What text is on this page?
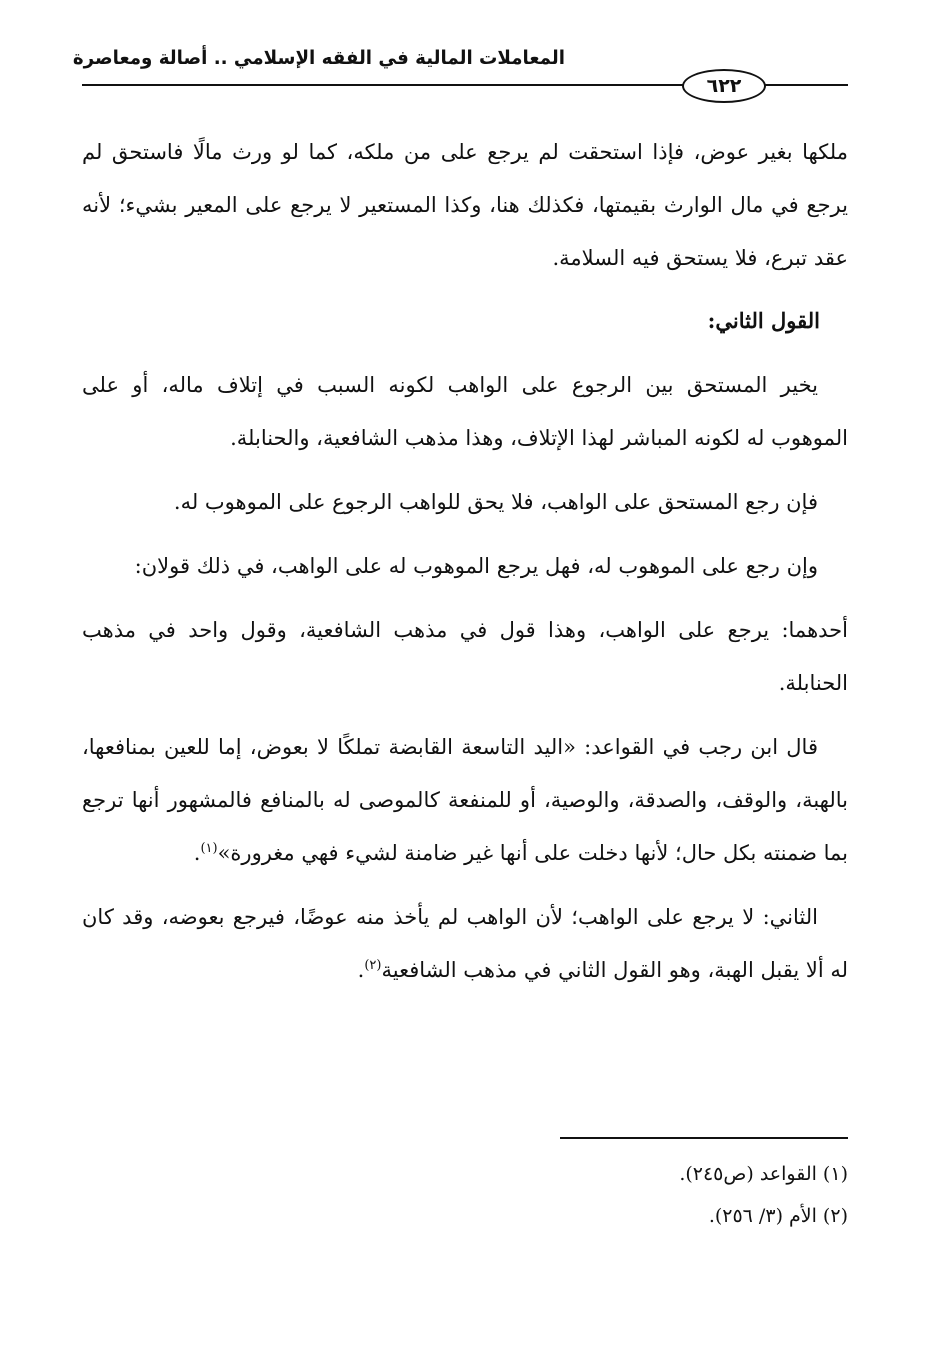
المعاملات المالية في الفقه الإسلامي .. أصالة ومعاصرة
٦٢٢

ملكها بغير عوض، فإذا استحقت لم يرجع على من ملكه، كما لو ورث مالًا فاستحق لم يرجع في مال الوارث بقيمتها، فكذلك هنا، وكذا المستعير لا يرجع على المعير بشيء؛ لأنه عقد تبرع، فلا يستحق فيه السلامة.

القول الثاني:

يخير المستحق بين الرجوع على الواهب لكونه السبب في إتلاف ماله، أو على الموهوب له لكونه المباشر لهذا الإتلاف، وهذا مذهب الشافعية، والحنابلة.

فإن رجع المستحق على الواهب، فلا يحق للواهب الرجوع على الموهوب له.

وإن رجع على الموهوب له، فهل يرجع الموهوب له على الواهب، في ذلك قولان:

أحدهما: يرجع على الواهب، وهذا قول في مذهب الشافعية، وقول واحد في مذهب الحنابلة.

قال ابن رجب في القواعد: «اليد التاسعة القابضة تملكًا لا بعوض، إما للعين بمنافعها، بالهبة، والوقف، والصدقة، والوصية، أو للمنفعة كالموصى له بالمنافع فالمشهور أنها ترجع بما ضمنته بكل حال؛ لأنها دخلت على أنها غير ضامنة لشيء فهي مغرورة»$^{(١)}$.

الثاني: لا يرجع على الواهب؛ لأن الواهب لم يأخذ منه عوضًا، فيرجع بعوضه، وقد كان له ألا يقبل الهبة، وهو القول الثاني في مذهب الشافعية$^{(٢)}$.

(١) القواعد (ص٢٤٥).

(٢) الأم (٣/ ٢٥٦).
